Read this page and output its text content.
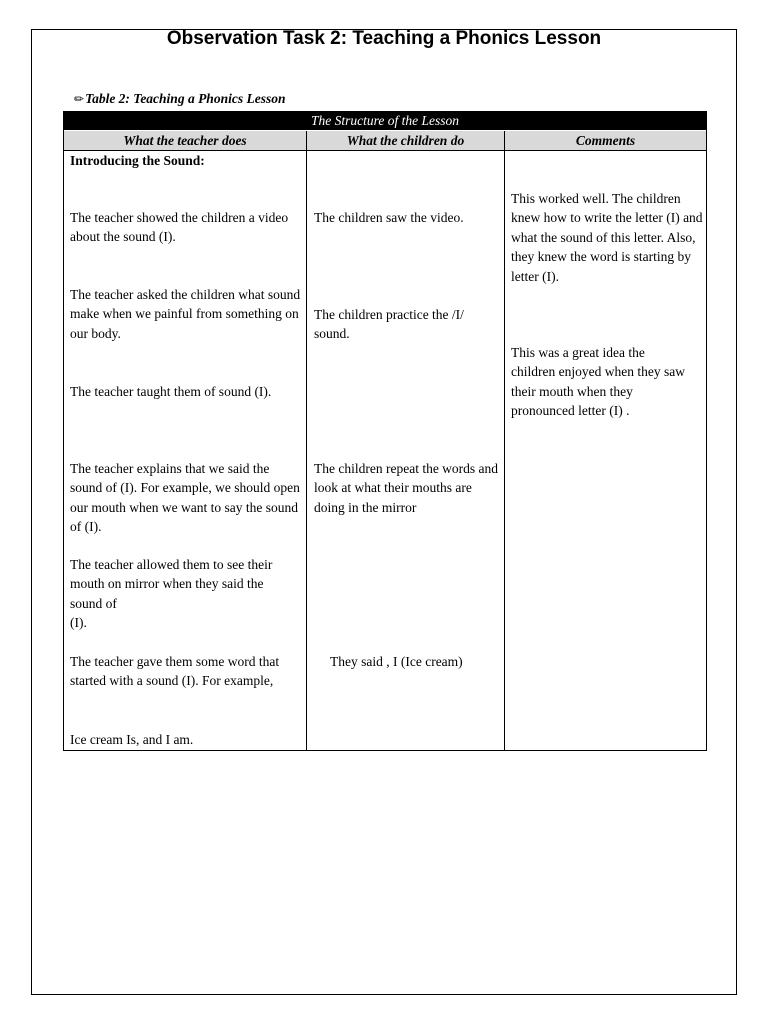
Observation Task 2: Teaching a Phonics Lesson
✏Table 2: Teaching a Phonics Lesson
The Structure of the Lesson
What the teacher does	What the children do	Comments
Introducing the Sound:
The teacher showed the children a video about the sound (I).
The teacher asked the children what sound make when we painful from something on our body.
The teacher taught them of sound (I).
The teacher explains that we said the sound of (I). For example, we should open our mouth when we want to say the sound of (I).
The teacher allowed them to see their mouth on mirror when they said the sound of
(I).
The teacher gave them some word that started with a sound (I). For example,
Ice cream Is, and I am.
The children saw the video.
The children practice the /I/ sound.
The children repeat the words and look at what their mouths are doing in the mirror
They said , I (Ice cream)
This worked well. The children knew how to write the letter (I) and what the sound of this letter. Also, they knew the word is starting by letter (I).
This was a great idea the children enjoyed when they saw their mouth when they pronounced letter (I) .
